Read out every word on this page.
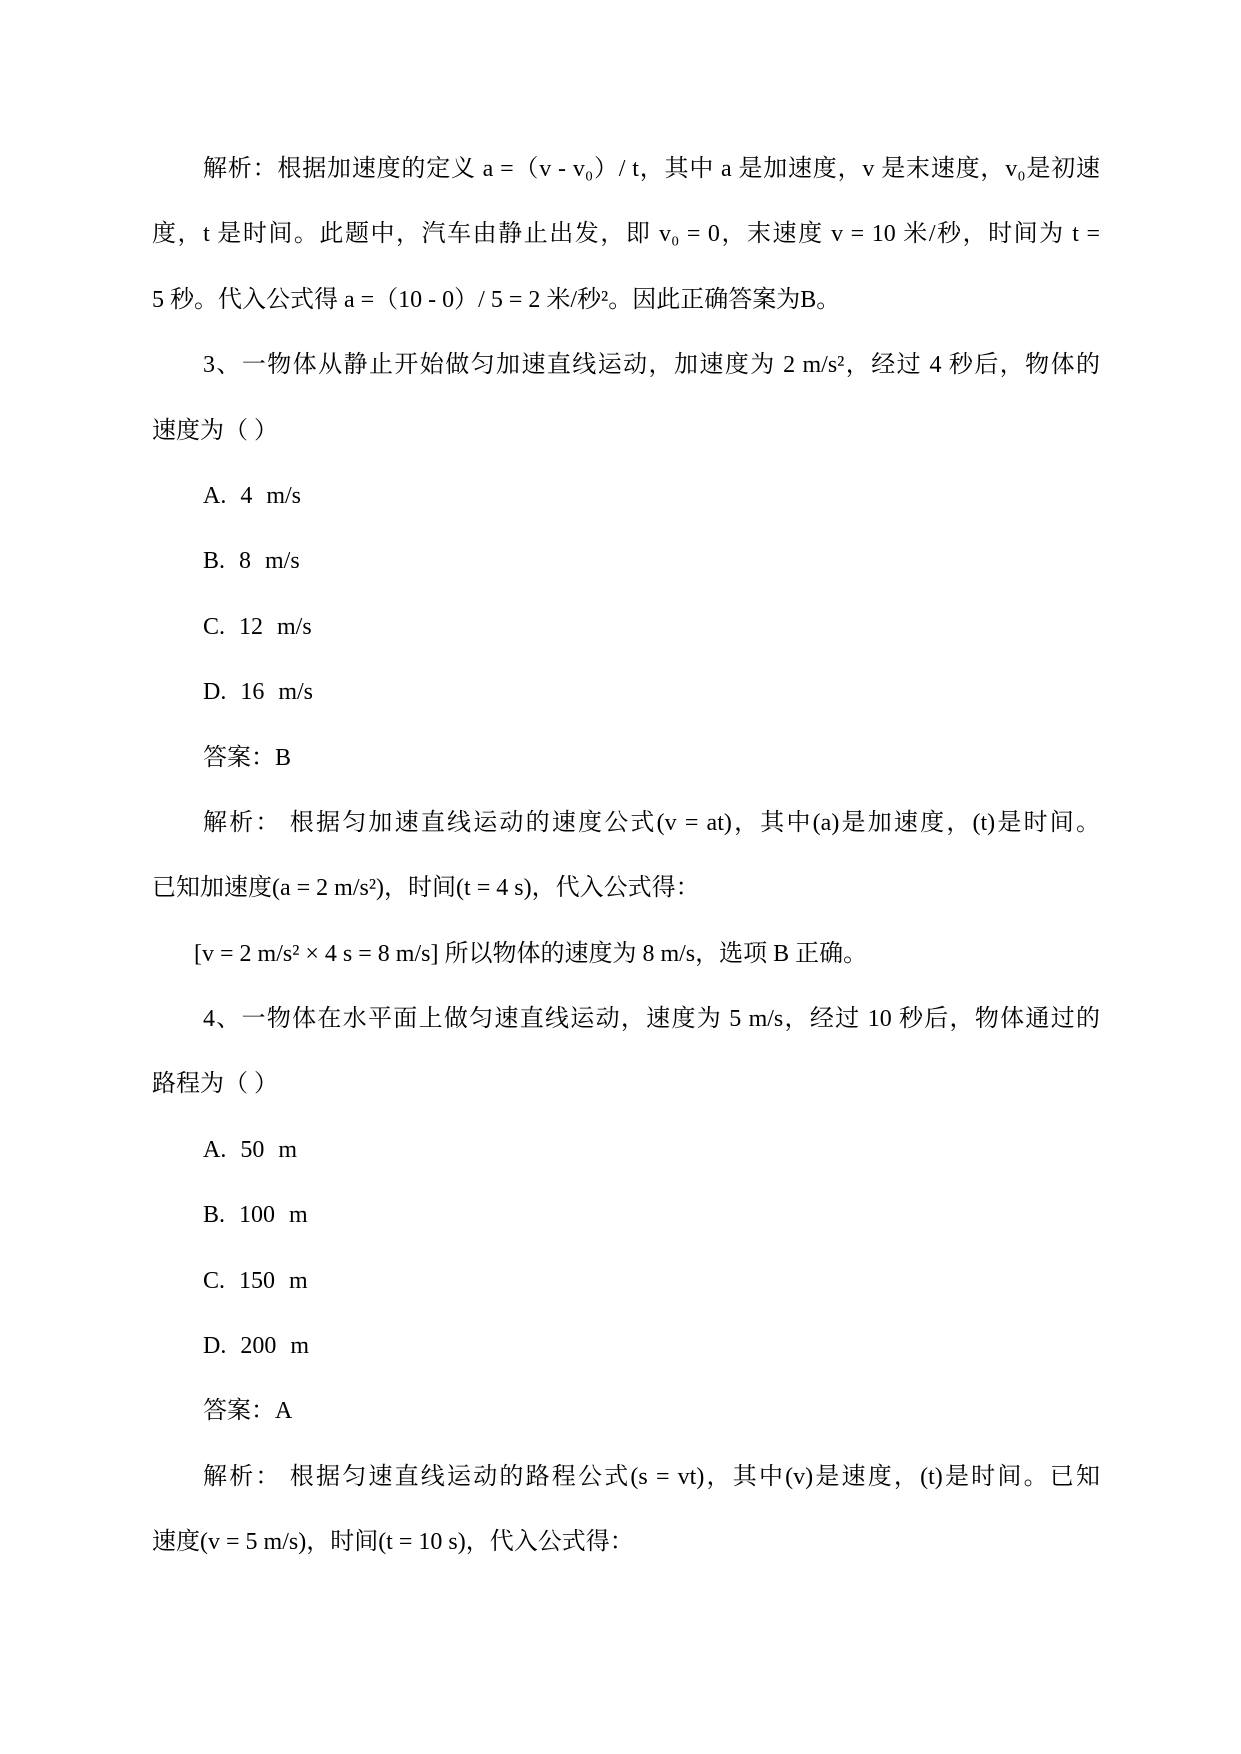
解析：根据加速度的定义 a =（v - v₀）/ t，其中 a 是加速度，v 是末速度，v₀是初速
度，t 是时间。此题中，汽车由静止出发，即 v₀ = 0，末速度 v = 10 米/秒，时间为 t =
5 秒。代入公式得 a =（10 - 0）/ 5 = 2 米/秒²。因此正确答案为B。
3、一物体从静止开始做匀加速直线运动，加速度为 2 m/s²，经过 4 秒后，物体的
速度为（ ）
A. 4 m/s
B. 8 m/s
C. 12 m/s
D. 16 m/s
答案：B
解析： 根据匀加速直线运动的速度公式(v = at)，其中(a)是加速度，(t)是时间。
已知加速度(a = 2 m/s²)，时间(t = 4 s)，代入公式得：
[v = 2 m/s² × 4 s = 8 m/s] 所以物体的速度为 8 m/s，选项 B 正确。
4、一物体在水平面上做匀速直线运动，速度为 5 m/s，经过 10 秒后，物体通过的
路程为（ ）
A. 50 m
B. 100 m
C. 150 m
D. 200 m
答案：A
解析： 根据匀速直线运动的路程公式(s = vt)，其中(v)是速度，(t)是时间。已知
速度(v = 5 m/s)，时间(t = 10 s)，代入公式得：
